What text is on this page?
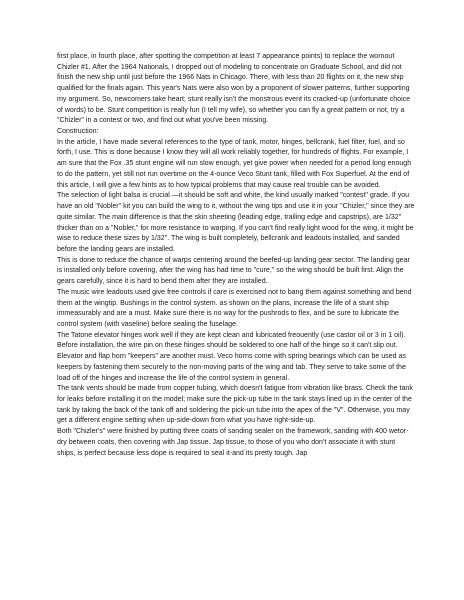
first place, in fourth place, after spotting the competition at least 7 appearance points) to replace the wornout Chizler #1. After the 1964 Nationals, I dropped out of modeling to concentrate on Graduate School, and did not finish the new ship until just before the 1966 Nats in Chicago. There, with less than 20 flights on it, the new ship qualified for the finals again. This year's Nats were also won by a proponent of slower patterns, further supporting my argument. So, newcomers take heart; stunt really isn't the monstrous event its cracked-up (unfortunate choice of words) to be. Stunt competition is really fun (I tell my wife), so whether you can fly a great pattern or not, try a "Chizler" in a contest or two, and find out what you've been missing.

Construction:

In the article, I have made several references to the type of tank, motor, hinges, bellcrank, fuel filter, fuel, and so forth, I use. This is done because I know they will all work reliably together, for hundreds of flights. For example, I am sure that the Fox .35 stunt engine will run slow enough, yet give power when needed for a period long enough to do the pattern, yet still not run overtime on the 4-ounce Veco Stunt tank, filled with Fox Superfuel. At the end of this article, I will give a few hints as to how typical problems that may cause real trouble can be avoided.

The selection of light balsa is crucial —it should be soft and white, the kind usually marked "contest" grade. If you have an old "Nobler" kit you can build the wing to it, without the wing tips and use it in your "Chizler," since they are quite similar. The main difference is that the skin sheeting (leading edge, trailing edge and capstrips), are 1/32" thicker than on a "Nobler," for more resistance to warping. If you can't find really light wood for the wing, it might be wise to reduce these sizes by 1/32". The wing is built completely, bellcrank and leadouts installed, and sanded before the landing gears are installed.

This is done to reduce the chance of warps centering around the beefed-up landing gear sector. The landing gear is installed only before covering, after the wing has had time to "cure," so the wing should be built first. Align the gears carefully, since it is hard to bend them after they are installed.

The music wire leadouts used give free controls if care is exercised not to bang them against something and bend them at the wingtip. Bushings in the control system. as shown on the plans, increase the life of a stunt ship immeasurably and are a must. Make sure there is no way for the pushrods to flex, and be sure to lubricate the control system (with vaseline) before sealing the fuselage.

The Tatone elevator hinges work well if they are kept clean and lubricated freouently (use castor oil or 3 in 1 oil). Before installation, the wire pin on these hinges should be soldered to one half of the hinge so it can't slip out. Elevator and flap horn "keepers" are another must. Veco horns come with spring bearings which can be used as keepers by fastening them securely to the non-moving parts of the wing and tab. They serve to take some of the load off of the hinges and increase the life of the control system in general.

The tank vents should be made from copper tubing, which doesn't fatigue from vibration like brass. Check the tank for leaks before installing it on the model; make sure the pick-up tube in the tank stays lined up in the center of the tank by taking the back of the tank off and soldering the pick-un tube into the apex of the "V". Otherwise, you may get a different engine setting when up-side-down from what you have right-side-up.

Both "Chizler's" were finished by putting three coats of sanding sealer on the framework, sanding with 400 wetor-dry between coats, then covering with Jap tissue. Jap tissue, to those of you who don't associate it with stunt ships, is perfect because less dope is required to seal it-and its pretty tough. Jap
